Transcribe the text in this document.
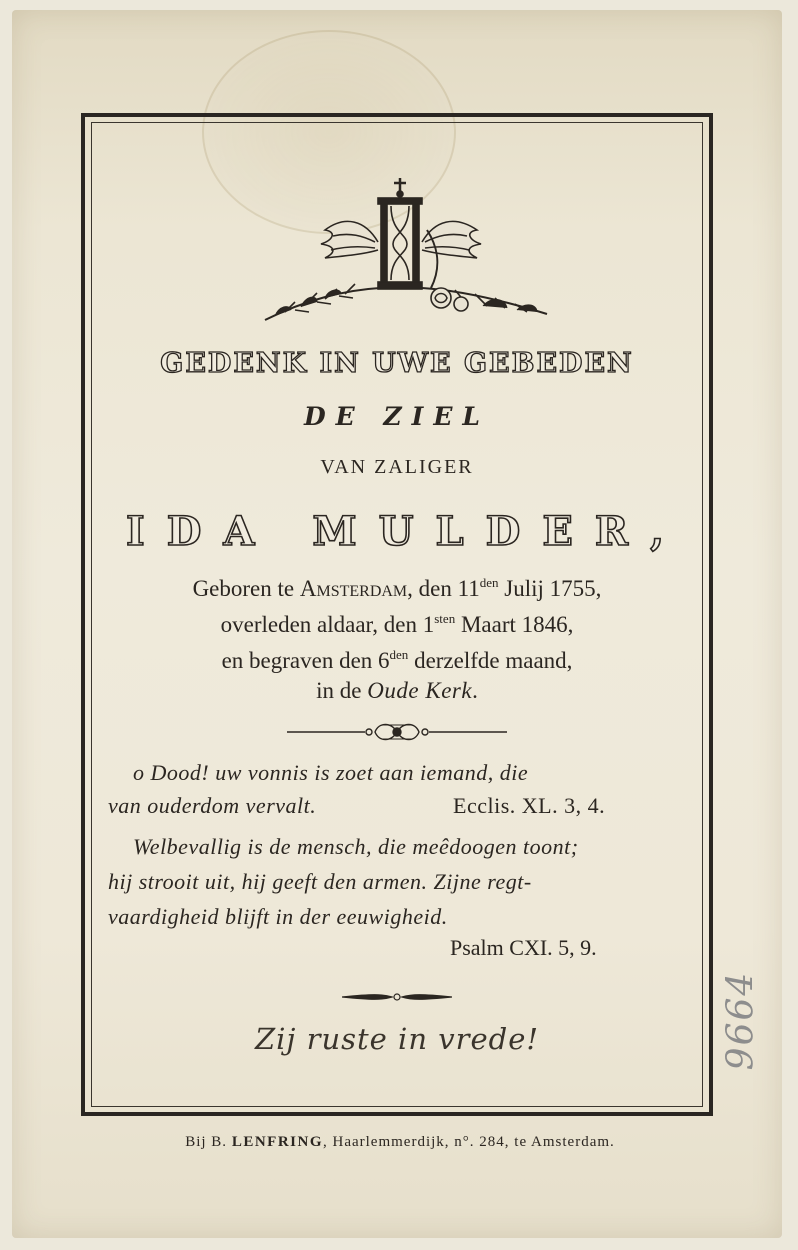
GEDENK IN UWE GEBEDEN
DE ZIEL
VAN ZALIGER
IDA MULDER,
Geboren te Amsterdam, den $11^{den}$ Julij 1755,
overleden aldaar, den $1^{sten}$ Maart 1846,
en begraven den $6^{den}$ derzelfde maand,
in de Oude Kerk.
o Dood! uw vonnis is zoet aan iemand, die
van ouderdom vervalt.	Ecclis. XL. 3, 4.
Welbevallig is de mensch, die meêdoogen toont;
hij strooit uit, hij geeft den armen. Zijne regt-
vaardigheid blijft in der eeuwigheid.
Psalm CXI. 5, 9.
Zij ruste in vrede!
Bij B. LENFRING, Haarlemmerdijk, n°. 284, te Amsterdam.
9664
